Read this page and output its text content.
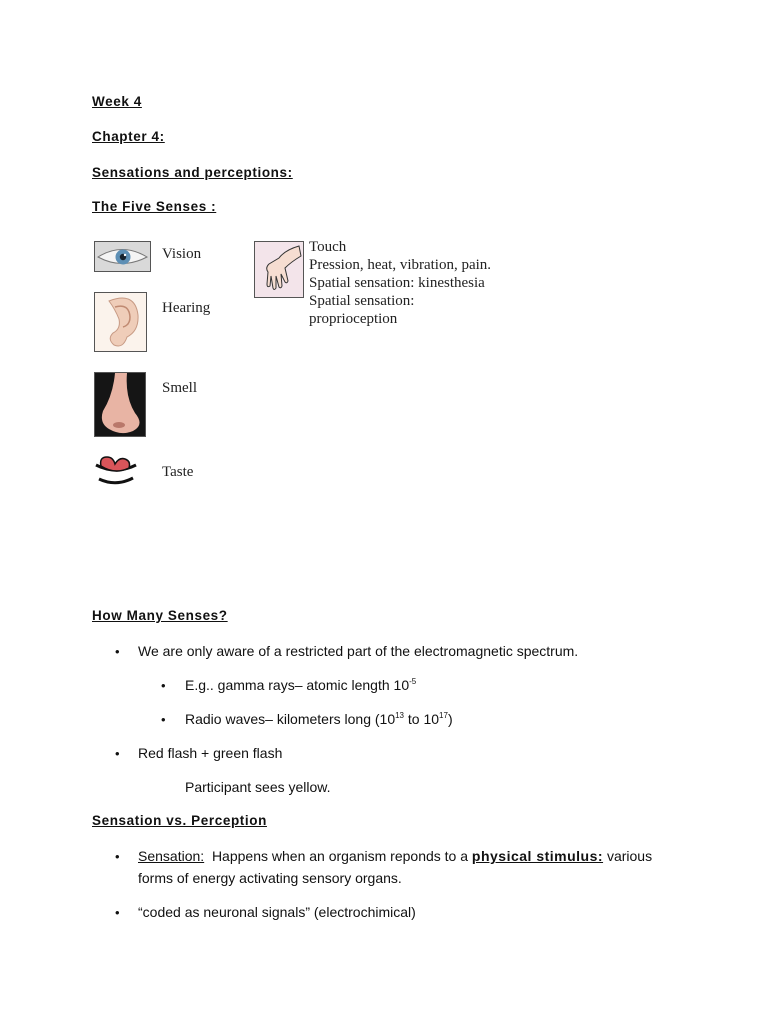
Week 4
Chapter 4:
Sensations and perceptions:
The Five Senses :
Vision
Hearing
Smell
Taste
Touch
Pression, heat, vibration, pain.
Spatial sensation: kinesthesia
Spatial sensation:
proprioception
How Many Senses?
• We are only aware of a restricted part of the electromagnetic spectrum.
• E.g.. gamma rays– atomic length $10^{-5}$
• Radio waves– kilometers long ($10^{13}$ to $10^{17}$)
• Red flash + green flash
Participant sees yellow.
Sensation vs. Perception
• Sensation:  Happens when an organism reponds to a physical stimulus: various
forms of energy activating sensory organs.
• “coded as neuronal signals” (electrochimical)
